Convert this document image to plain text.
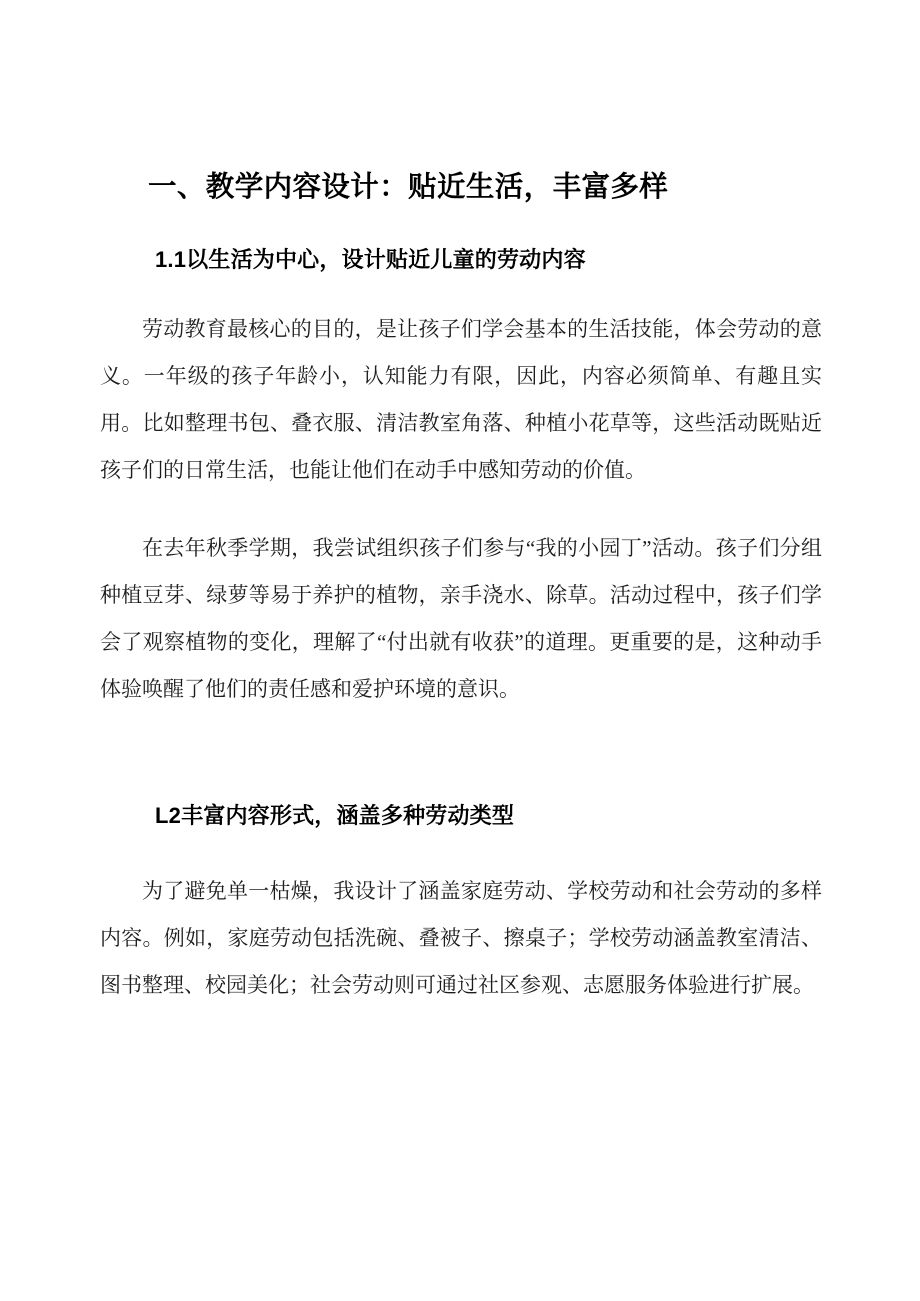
一、教学内容设计：贴近生活，丰富多样
1.1以生活为中心，设计贴近儿童的劳动内容

劳动教育最核心的目的，是让孩子们学会基本的生活技能，体会劳动的意义。一年级的孩子年龄小，认知能力有限，因此，内容必须简单、有趣且实用。比如整理书包、叠衣服、清洁教室角落、种植小花草等，这些活动既贴近孩子们的日常生活，也能让他们在动手中感知劳动的价值。

在去年秋季学期，我尝试组织孩子们参与“我的小园丁”活动。孩子们分组种植豆芽、绿萝等易于养护的植物，亲手浇水、除草。活动过程中，孩子们学会了观察植物的变化，理解了“付出就有收获”的道理。更重要的是，这种动手体验唤醒了他们的责任感和爱护环境的意识。

L2丰富内容形式，涵盖多种劳动类型

为了避免单一枯燥，我设计了涵盖家庭劳动、学校劳动和社会劳动的多样内容。例如，家庭劳动包括洗碗、叠被子、擦桌子；学校劳动涵盖教室清洁、图书整理、校园美化；社会劳动则可通过社区参观、志愿服务体验进行扩展。
